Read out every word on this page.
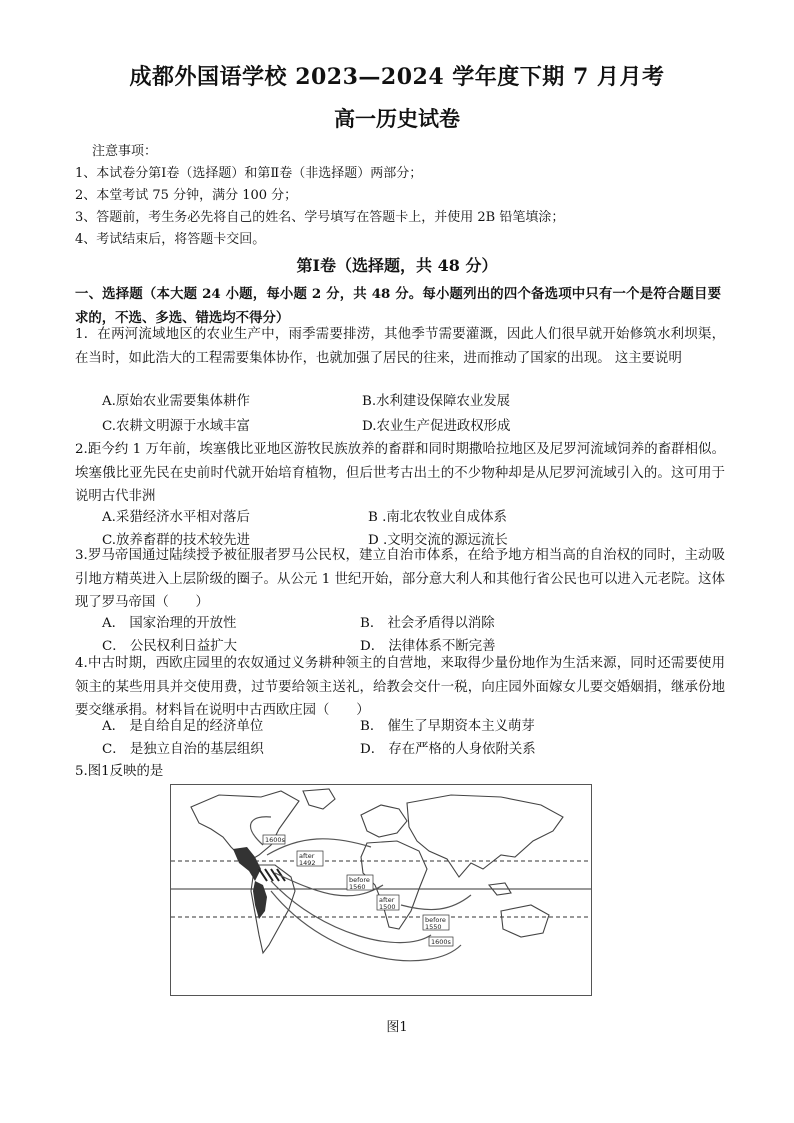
成都外国语学校 2023—2024 学年度下期 7 月月考
高一历史试卷
注意事项：
1、本试卷分第Ⅰ卷（选择题）和第Ⅱ卷（非选择题）两部分；
2、本堂考试 75 分钟，满分 100 分；
3、答题前，考生务必先将自己的姓名、学号填写在答题卡上，并使用 2B 铅笔填涂；
4、考试结束后，将答题卡交回。
第Ⅰ卷（选择题，共 48 分）
一、选择题（本大题 24 小题，每小题 2 分，共 48 分。每小题列出的四个备选项中只有一个是符合题目要求的，不选、多选、错选均不得分）
1．在两河流域地区的农业生产中，雨季需要排涝，其他季节需要灌溉，因此人们很早就开始修筑水利坝渠，在当时，如此浩大的工程需要集体协作，也就加强了居民的往来，进而推动了国家的出现。 这主要说明
A.原始农业需要集体耕作	B.水利建设保障农业发展
C.农耕文明源于水域丰富	D.农业生产促进政权形成
2.距今约 1 万年前，埃塞俄比亚地区游牧民族放养的畜群和同时期撒哈拉地区及尼罗河流域饲养的畜群相似。埃塞俄比亚先民在史前时代就开始培育植物，但后世考古出土的不少物种却是从尼罗河流域引入的。这可用于说明古代非洲
A.采猎经济水平相对落后	B .南北农牧业自成体系
C.放养畜群的技术较先进	D .文明交流的源远流长
3.罗马帝国通过陆续授予被征服者罗马公民权，建立自治市体系，在给予地方相当高的自治权的同时，主动吸引地方精英进入上层阶级的圈子。从公元 1 世纪开始，部分意大利人和其他行省公民也可以进入元老院。这体现了罗马帝国（　　）
A． 国家治理的开放性	B． 社会矛盾得以消除
C． 公民权利日益扩大	D． 法律体系不断完善
4.中古时期，西欧庄园里的农奴通过义务耕种领主的自营地，来取得少量份地作为生活来源，同时还需要使用领主的某些用具并交使用费，过节要给领主送礼，给教会交什一税，向庄园外面嫁女儿要交婚姻捐，继承份地要交继承捐。材料旨在说明中古西欧庄园（　　）
A． 是自给自足的经济单位	B． 催生了早期资本主义萌芽
C． 是独立自治的基层组织	D． 存在严格的人身依附关系
5.图1反映的是
1600s
after
1492
before
1560
after
1500
before
1550
1600s
图1
